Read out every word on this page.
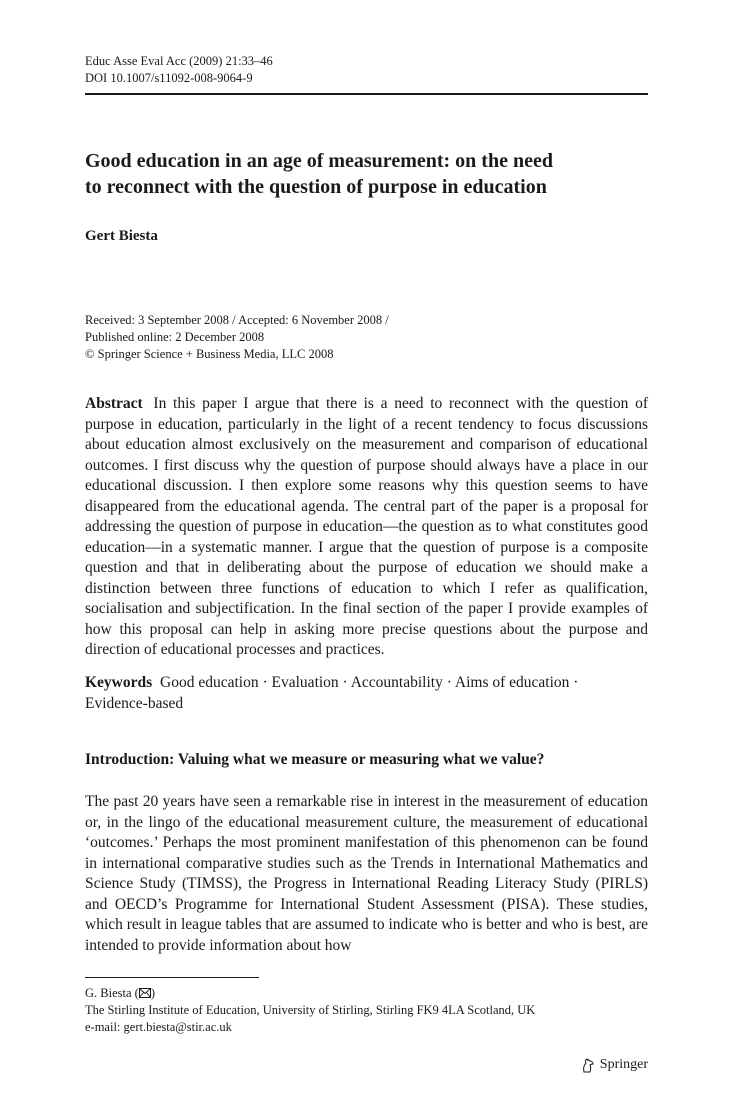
Educ Asse Eval Acc (2009) 21:33–46
DOI 10.1007/s11092-008-9064-9
Good education in an age of measurement: on the need
to reconnect with the question of purpose in education
Gert Biesta
Received: 3 September 2008 / Accepted: 6 November 2008 /
Published online: 2 December 2008
© Springer Science + Business Media, LLC 2008
Abstract In this paper I argue that there is a need to reconnect with the question of purpose in education, particularly in the light of a recent tendency to focus discussions about education almost exclusively on the measurement and comparison of educational outcomes. I first discuss why the question of purpose should always have a place in our educational discussion. I then explore some reasons why this question seems to have disappeared from the educational agenda. The central part of the paper is a proposal for addressing the question of purpose in education—the question as to what constitutes good education—in a systematic manner. I argue that the question of purpose is a composite question and that in deliberating about the purpose of education we should make a distinction between three functions of education to which I refer as qualification, socialisation and subjectification. In the final section of the paper I provide examples of how this proposal can help in asking more precise questions about the purpose and direction of educational processes and practices.
Keywords Good education · Evaluation · Accountability · Aims of education ·
Evidence-based
Introduction: Valuing what we measure or measuring what we value?
The past 20 years have seen a remarkable rise in interest in the measurement of education or, in the lingo of the educational measurement culture, the measurement of educational ‘outcomes.’ Perhaps the most prominent manifestation of this phenomenon can be found in international comparative studies such as the Trends in International Mathematics and Science Study (TIMSS), the Progress in International Reading Literacy Study (PIRLS) and OECD’s Programme for International Student Assessment (PISA). These studies, which result in league tables that are assumed to indicate who is better and who is best, are intended to provide information about how
G. Biesta ( )
The Stirling Institute of Education, University of Stirling, Stirling FK9 4LA Scotland, UK
e-mail: gert.biesta@stir.ac.uk
Springer
